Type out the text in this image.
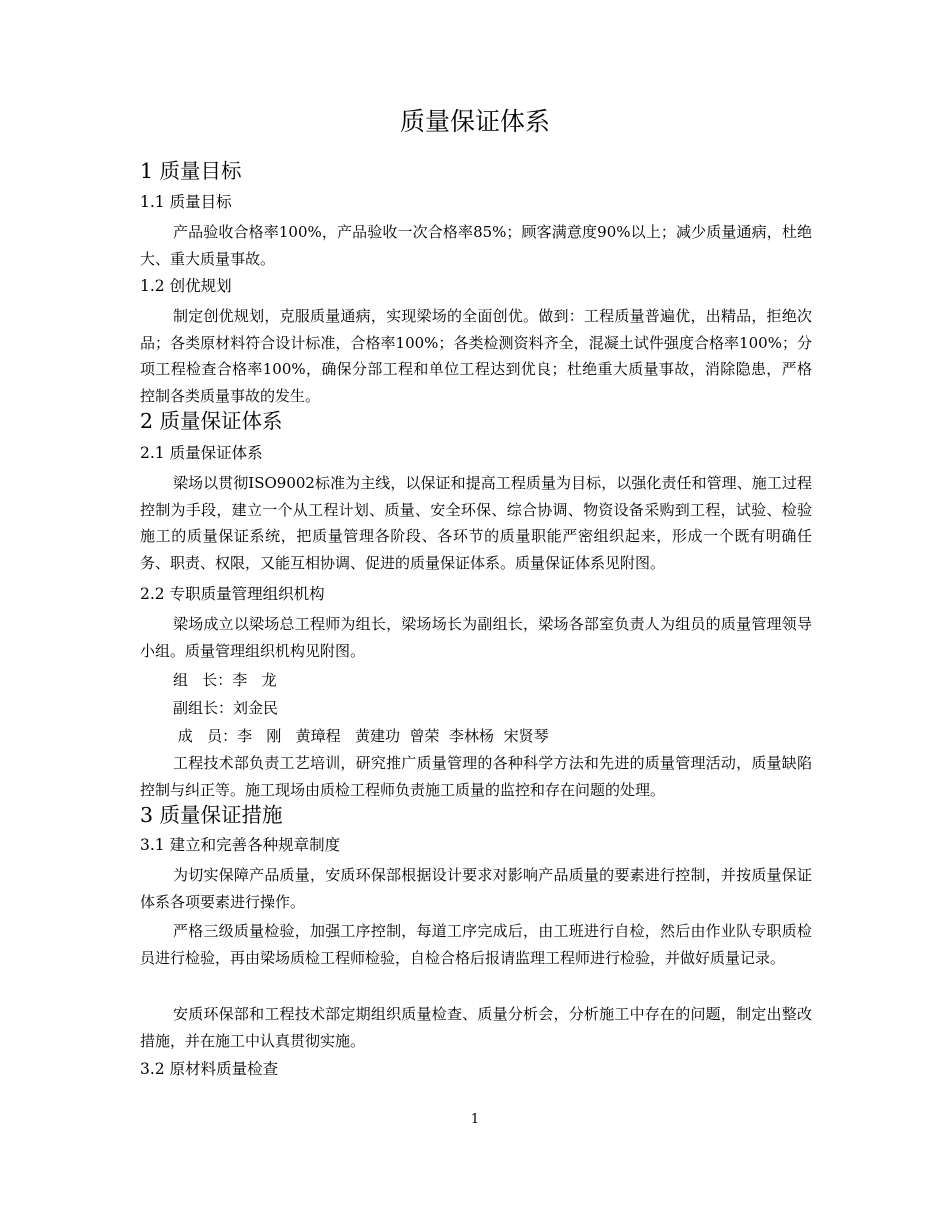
质量保证体系
1 质量目标
1.1 质量目标

产品验收合格率100%，产品验收一次合格率85%；顾客满意度90%以上；减少质量通病，杜绝大、重大质量事故。

1.2 创优规划

制定创优规划，克服质量通病，实现梁场的全面创优。做到：工程质量普遍优，出精品，拒绝次品；各类原材料符合设计标准，合格率100%；各类检测资料齐全，混凝土试件强度合格率100%；分项工程检查合格率100%，确保分部工程和单位工程达到优良；杜绝重大质量事故，消除隐患，严格控制各类质量事故的发生。

2 质量保证体系
2.1 质量保证体系

梁场以贯彻ISO9002标准为主线，以保证和提高工程质量为目标，以强化责任和管理、施工过程控制为手段，建立一个从工程计划、质量、安全环保、综合协调、物资设备采购到工程，试验、检验施工的质量保证系统，把质量管理各阶段、各环节的质量职能严密组织起来，形成一个既有明确任务、职责、权限，又能互相协调、促进的质量保证体系。质量保证体系见附图。

2.2 专职质量管理组织机构

梁场成立以梁场总工程师为组长，梁场场长为副组长，梁场各部室负责人为组员的质量管理领导小组。质量管理组织机构见附图。

组   长：李   龙

副组长：刘金民

成   员：李   刚   黄璋程   黄建功  曾荣  李林杨  宋贤琴

工程技术部负责工艺培训，研究推广质量管理的各种科学方法和先进的质量管理活动，质量缺陷控制与纠正等。施工现场由质检工程师负责施工质量的监控和存在问题的处理。

3 质量保证措施
3.1 建立和完善各种规章制度

为切实保障产品质量，安质环保部根据设计要求对影响产品质量的要素进行控制，并按质量保证体系各项要素进行操作。

严格三级质量检验，加强工序控制，每道工序完成后，由工班进行自检，然后由作业队专职质检员进行检验，再由梁场质检工程师检验，自检合格后报请监理工程师进行检验，并做好质量记录。

安质环保部和工程技术部定期组织质量检查、质量分析会，分析施工中存在的问题，制定出整改措施，并在施工中认真贯彻实施。

3.2 原材料质量检查
1
